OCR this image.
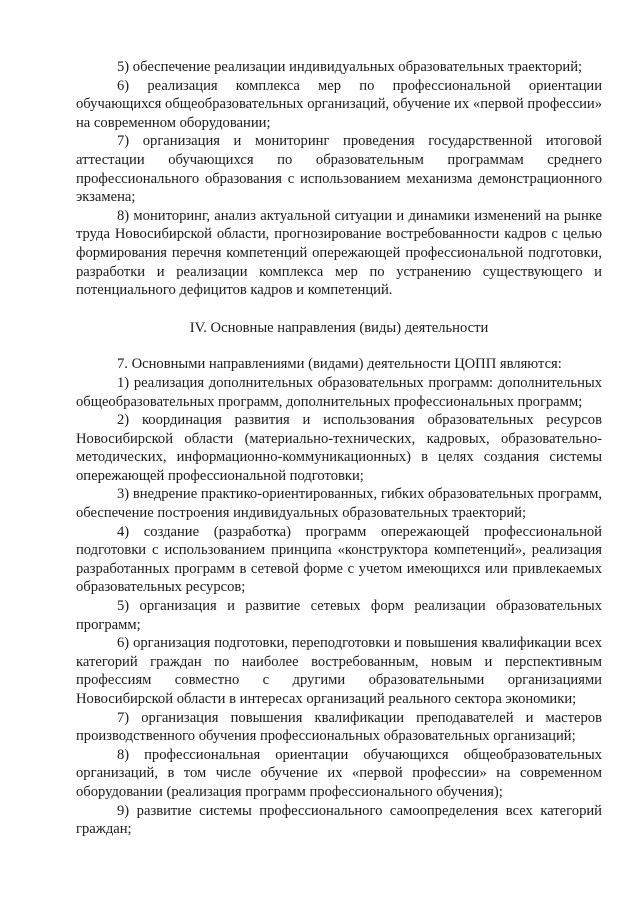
5) обеспечение реализации индивидуальных образовательных траекторий;

6) реализация комплекса мер по профессиональной ориентации обучающихся общеобразовательных организаций, обучение их «первой профессии» на современном оборудовании;

7) организация и мониторинг проведения государственной итоговой аттестации обучающихся по образовательным программам среднего профессионального образования с использованием механизма демонстрационного экзамена;

8) мониторинг, анализ актуальной ситуации и динамики изменений на рынке труда Новосибирской области, прогнозирование востребованности кадров с целью формирования перечня компетенций опережающей профессиональной подготовки, разработки и реализации комплекса мер по устранению существующего и потенциального дефицитов кадров и компетенций.

IV. Основные направления (виды) деятельности

7. Основными направлениями (видами) деятельности ЦОПП являются:

1) реализация дополнительных образовательных программ: дополнительных общеобразовательных программ, дополнительных профессиональных программ;

2) координация развития и использования образовательных ресурсов Новосибирской области (материально-технических, кадровых, образовательно-методических, информационно-коммуникационных) в целях создания системы опережающей профессиональной подготовки;

3) внедрение практико-ориентированных, гибких образовательных программ, обеспечение построения индивидуальных образовательных траекторий;

4) создание (разработка) программ опережающей профессиональной подготовки с использованием принципа «конструктора компетенций», реализация разработанных программ в сетевой форме с учетом имеющихся или привлекаемых образовательных ресурсов;

5) организация и развитие сетевых форм реализации образовательных программ;

6) организация подготовки, переподготовки и повышения квалификации всех категорий граждан по наиболее востребованным, новым и перспективным профессиям совместно с другими образовательными организациями Новосибирской области в интересах организаций реального сектора экономики;

7) организация повышения квалификации преподавателей и мастеров производственного обучения профессиональных образовательных организаций;

8) профессиональная ориентации обучающихся общеобразовательных организаций, в том числе обучение их «первой профессии» на современном оборудовании (реализация программ профессионального обучения);

9) развитие системы профессионального самоопределения всех категорий граждан;
